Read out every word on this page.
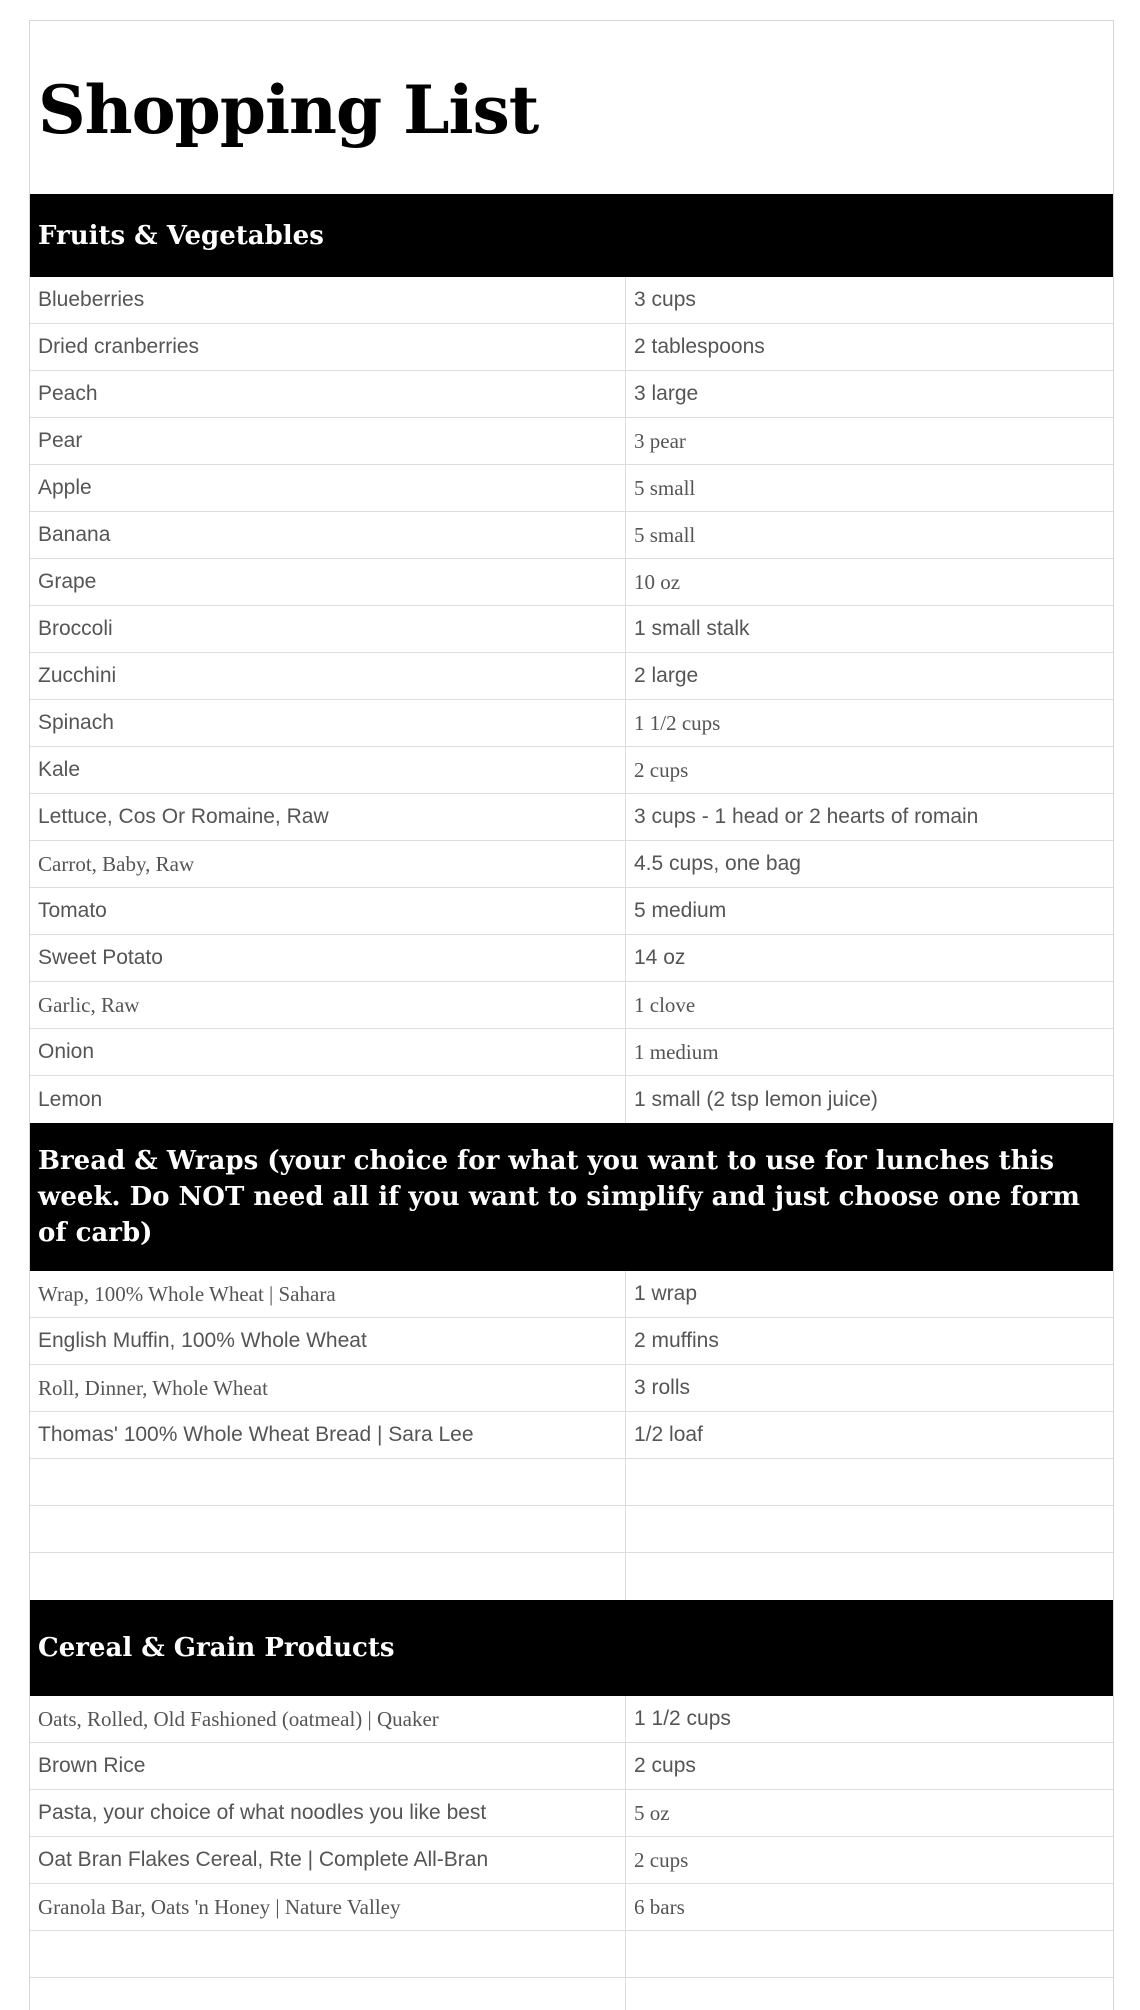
Shopping List
Fruits & Vegetables
Blueberries	3 cups
Dried cranberries	2 tablespoons
Peach	3 large
Pear	3 pear
Apple	5 small
Banana	5 small
Grape	10 oz
Broccoli	1 small stalk
Zucchini	2 large
Spinach	1 1/2 cups
Kale	2 cups
Lettuce, Cos Or Romaine, Raw	3 cups - 1 head or 2 hearts of romain
Carrot, Baby, Raw	4.5 cups, one bag
Tomato	5 medium
Sweet Potato	14 oz
Garlic, Raw	1 clove
Onion	1 medium
Lemon	1 small (2 tsp lemon juice)
Bread & Wraps (your choice for what you want to use for lunches this week. Do NOT need all if you want to simplify and just choose one form of carb)
Wrap, 100% Whole Wheat | Sahara	1 wrap
English Muffin, 100% Whole Wheat	2 muffins
Roll, Dinner, Whole Wheat	3 rolls
Thomas' 100% Whole Wheat Bread | Sara Lee	1/2 loaf
Cereal & Grain Products
Oats, Rolled, Old Fashioned (oatmeal) | Quaker	1 1/2 cups
Brown Rice	2 cups
Pasta, your choice of what noodles you like best	5 oz
Oat Bran Flakes Cereal, Rte | Complete All-Bran	2 cups
Granola Bar, Oats 'n Honey | Nature Valley	6 bars
